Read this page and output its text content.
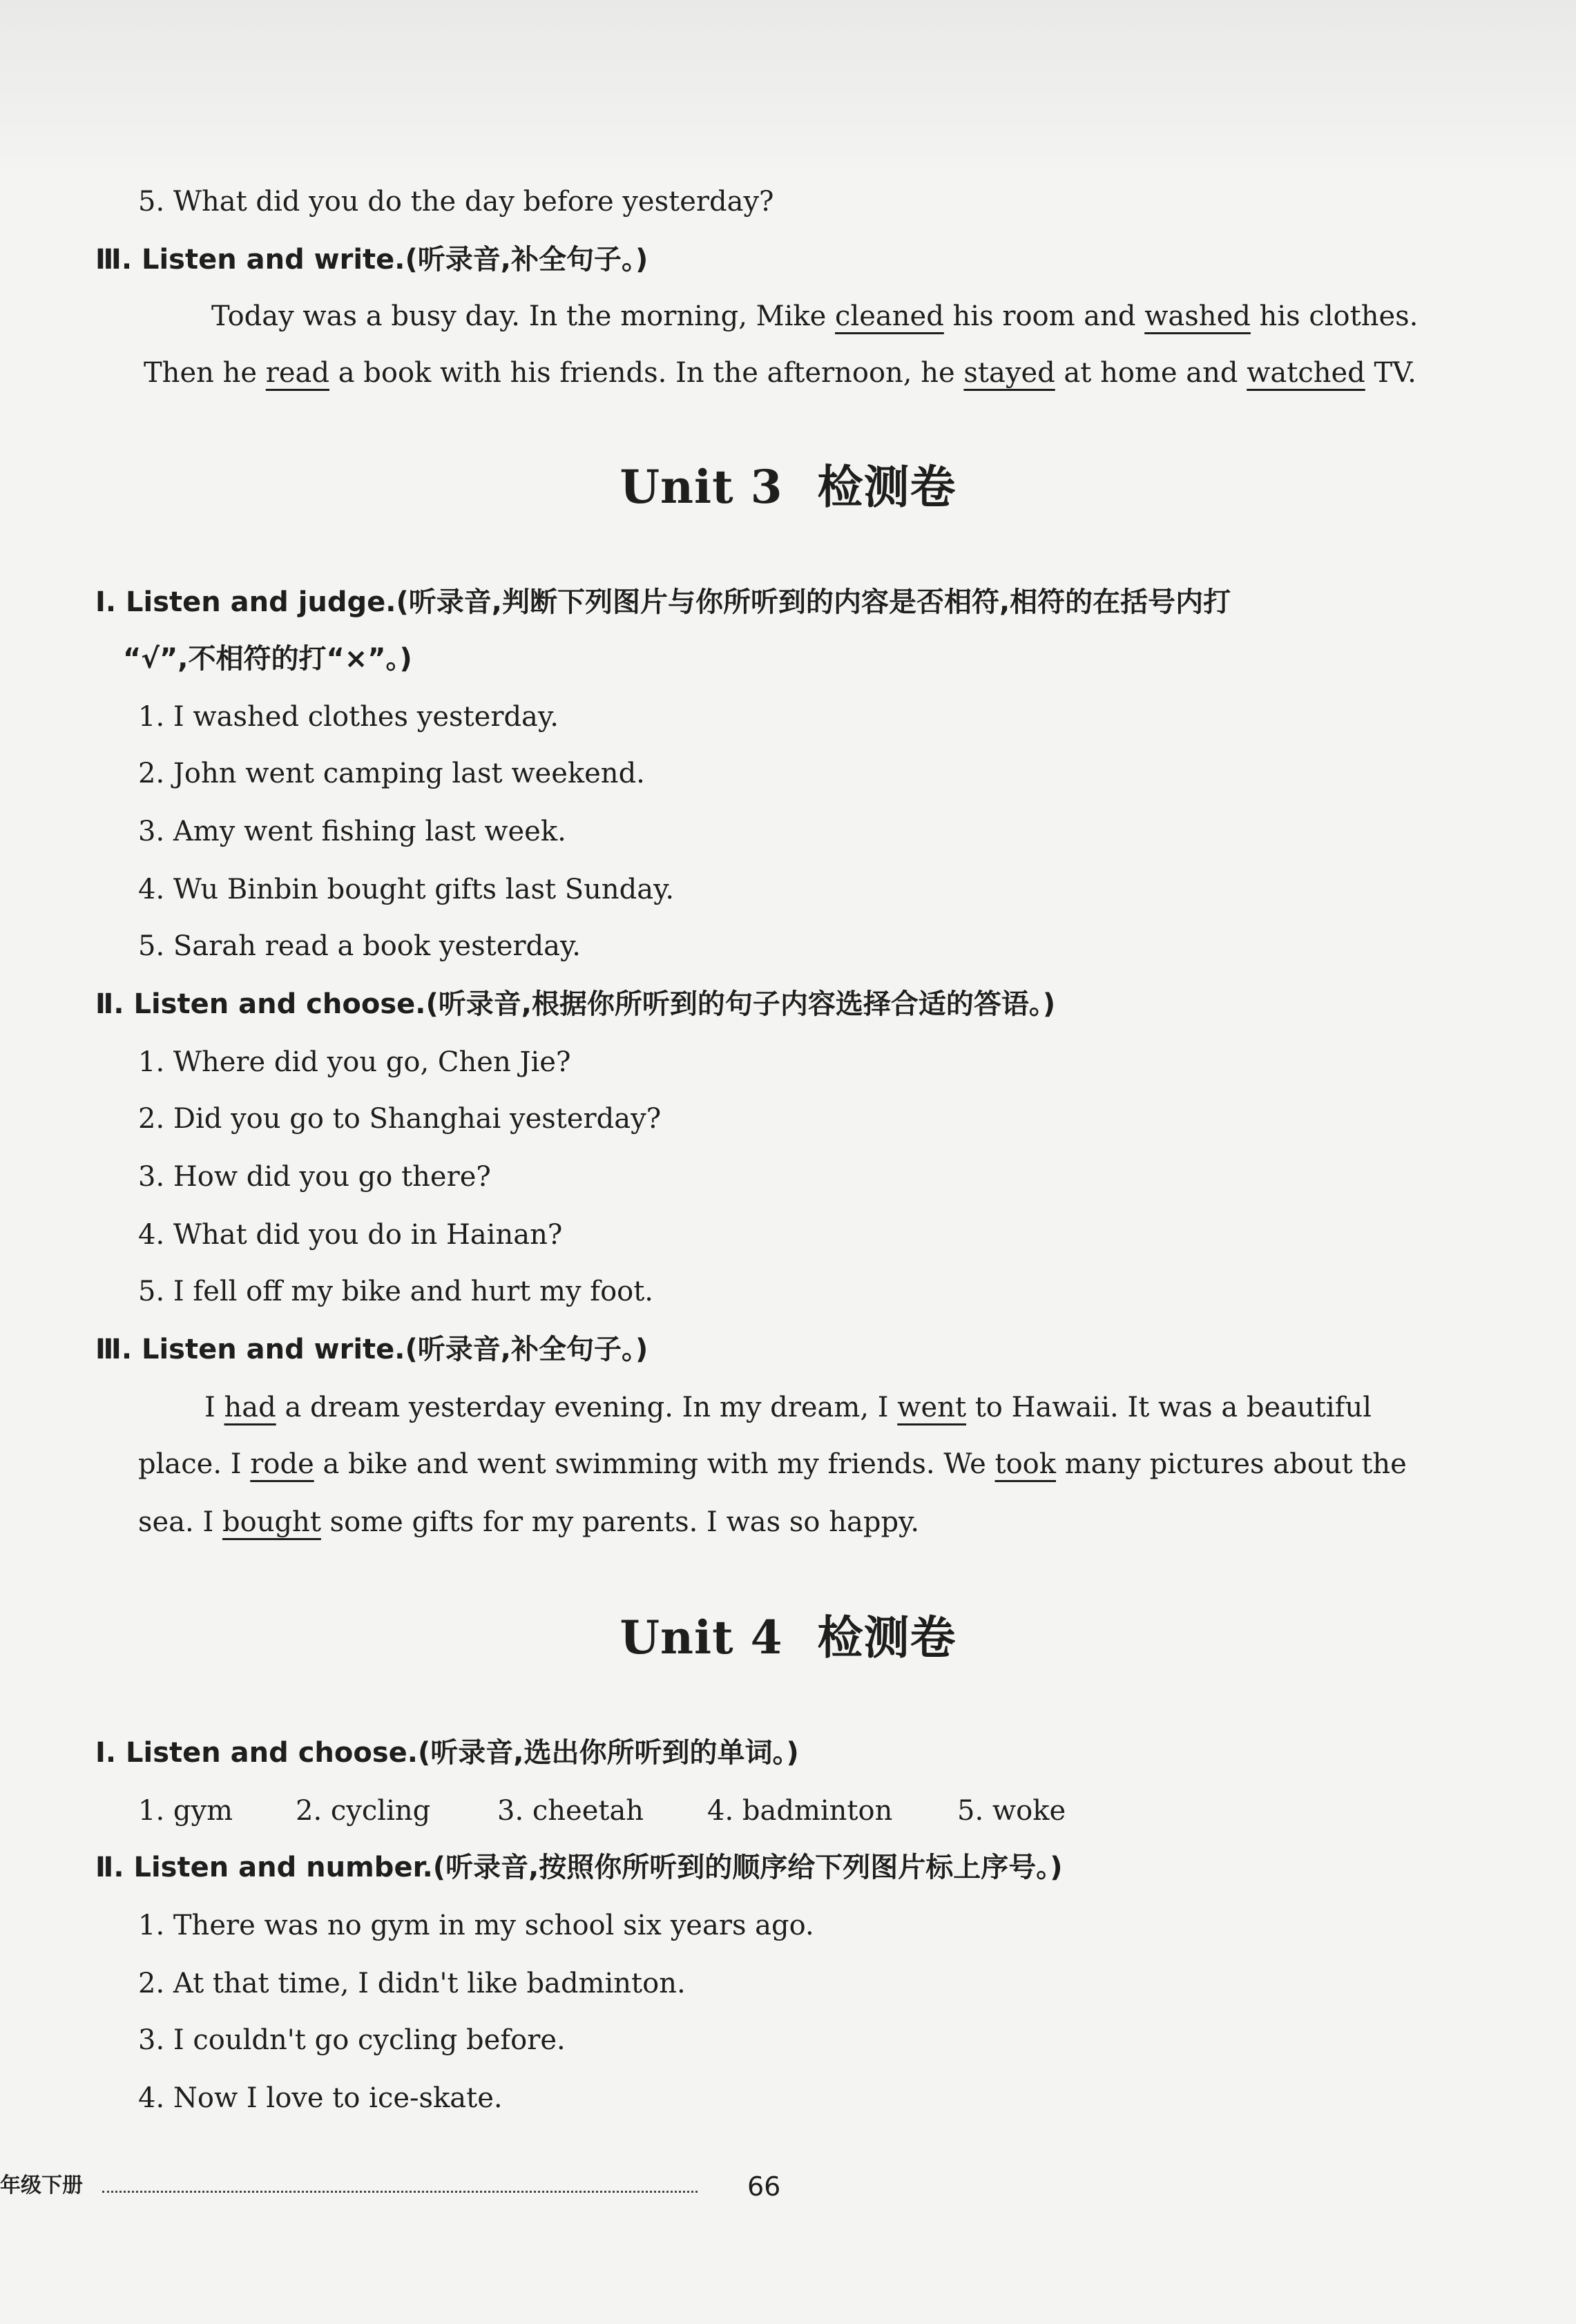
5. What did you do the day before yesterday?
Ⅲ. Listen and write.(听录音,补全句子。)
Today was a busy day. In the morning, Mike cleaned his room and washed his clothes.
Then he read a book with his friends. In the afternoon, he stayed at home and watched TV.
Unit 3 检测卷
Ⅰ. Listen and judge.(听录音,判断下列图片与你所听到的内容是否相符,相符的在括号内打
“√”,不相符的打“×”。)
1. I washed clothes yesterday.
2. John went camping last weekend.
3. Amy went fishing last week.
4. Wu Binbin bought gifts last Sunday.
5. Sarah read a book yesterday.
Ⅱ. Listen and choose.(听录音,根据你所听到的句子内容选择合适的答语。)
1. Where did you go, Chen Jie?
2. Did you go to Shanghai yesterday?
3. How did you go there?
4. What did you do in Hainan?
5. I fell off my bike and hurt my foot.
Ⅲ. Listen and write.(听录音,补全句子。)
I had a dream yesterday evening. In my dream, I went to Hawaii. It was a beautiful
place. I rode a bike and went swimming with my friends. We took many pictures about the
sea. I bought some gifts for my parents. I was so happy.
Unit 4 检测卷
Ⅰ. Listen and choose.(听录音,选出你所听到的单词。)
1. gym 2. cycling 3. cheetah 4. badminton 5. woke
Ⅱ. Listen and number.(听录音,按照你所听到的顺序给下列图片标上序号。)
1. There was no gym in my school six years ago.
2. At that time, I didn't like badminton.
3. I couldn't go cycling before.
4. Now I love to ice-skate.
年级下册	66
